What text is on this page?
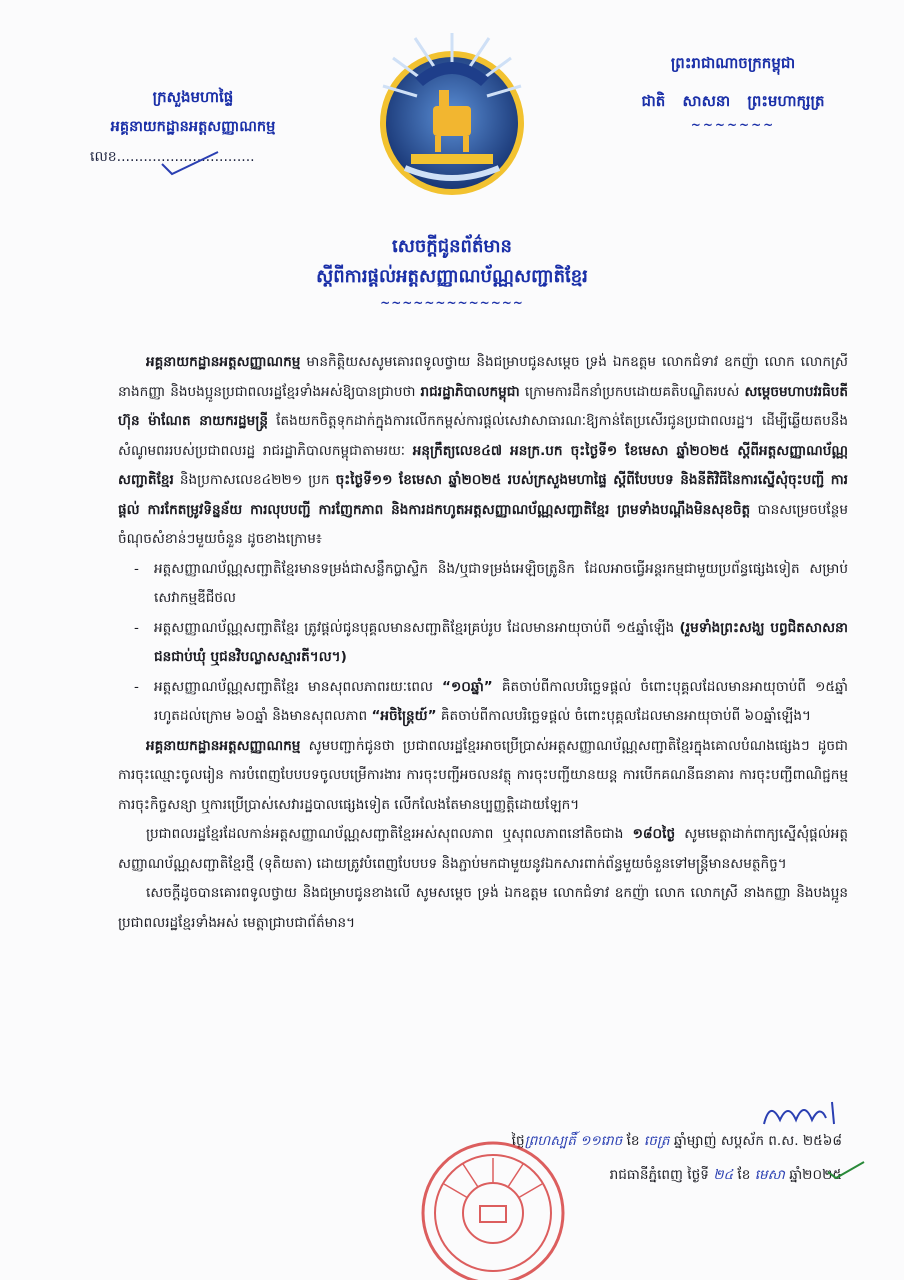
ក្រសួងមហាផ្ទៃ
អគ្គនាយកដ្ឋានអត្តសញ្ញាណកម្ម
លេខ...............................
ព្រះរាជាណាចក្រកម្ពុជា
ជាតិ សាសនា ព្រះមហាក្សត្រ
~~~~~~~
សេចក្ដីជូនព័ត៌មាន
ស្ដីពីការផ្ដល់អត្តសញ្ញាណប័ណ្ណសញ្ជាតិខ្មែរ
~~~~~~~~~~~~~

អគ្គនាយកដ្ឋានអត្តសញ្ញាណកម្ម មានកិត្តិយសសូមគោរពទូលថ្វាយ និងជម្រាបជូនសម្ដេច ទ្រង់ ឯកឧត្ដម លោកជំទាវ ឧកញ៉ា លោក លោកស្រី នាងកញ្ញា និងបងប្អូនប្រជាពលរដ្ឋខ្មែរទាំងអស់ឱ្យបានជ្រាបថា រាជរដ្ឋាភិបាលកម្ពុជា ក្រោមការដឹកនាំប្រកបដោយគតិបណ្ឌិតរបស់ សម្ដេចមហាបវរធិបតី ហ៊ុន ម៉ាណែត នាយករដ្ឋមន្ត្រី តែងយកចិត្តទុកដាក់ក្នុងការលើកកម្ពស់ការផ្ដល់សេវាសាធារណៈឱ្យកាន់តែប្រសើរជូនប្រជាពលរដ្ឋ។ ដើម្បីឆ្លើយតបនឹងសំណូមពររបស់ប្រជាពលរដ្ឋ រាជរដ្ឋាភិបាលកម្ពុជាតាមរយៈ អនុក្រឹត្យលេខ៤៧ អនក្រ.បក ចុះថ្ងៃទី១ ខែមេសា ឆ្នាំ២០២៥ ស្ដីពីអត្តសញ្ញាណប័ណ្ណសញ្ជាតិខ្មែរ និងប្រកាសលេខ៤២២១ ប្រក ចុះថ្ងៃទី១១ ខែមេសា ឆ្នាំ២០២៥ របស់ក្រសួងមហាផ្ទៃ ស្ដីពីបែបបទ និងនីតិវិធីនៃការស្នើសុំចុះបញ្ជី ការផ្ដល់ ការកែតម្រូវទិន្នន័យ ការលុបបញ្ជី ការញែកភាព និងការដកហូតអត្តសញ្ញាណប័ណ្ណសញ្ជាតិខ្មែរ ព្រមទាំងបណ្ដឹងមិនសុខចិត្ត បានសម្រេចបន្ថែមចំណុចសំខាន់ៗមួយចំនួន ដូចខាងក្រោម៖

- អត្តសញ្ញាណប័ណ្ណសញ្ជាតិខ្មែរមានទម្រង់ជាសន្លឹកប្លាស្ទិក និង/ឬជាទម្រង់អេឡិចត្រូនិក ដែលអាចធ្វើអន្តរកម្មជាមួយប្រព័ន្ធផ្សេងទៀត សម្រាប់សេវាកម្មឌីជីថល
- អត្តសញ្ញាណប័ណ្ណសញ្ជាតិខ្មែរ ត្រូវផ្ដល់ជូនបុគ្គលមានសញ្ជាតិខ្មែរគ្រប់រូប ដែលមានអាយុចាប់ពី ១៥ឆ្នាំឡើង (រួមទាំងព្រះសង្ឃ បព្វជិតសាសនា ជនជាប់ឃុំ ឬជនវិបល្លាសស្មារតី។ល។)
- អត្តសញ្ញាណប័ណ្ណសញ្ជាតិខ្មែរ មានសុពលភាពរយៈពេល “១០ឆ្នាំ” គិតចាប់ពីកាលបរិច្ឆេទផ្ដល់ ចំពោះបុគ្គលដែលមានអាយុចាប់ពី ១៥ឆ្នាំ រហូតដល់ក្រោម ៦០ឆ្នាំ និងមានសុពលភាព “អចិន្ត្រៃយ៍” គិតចាប់ពីកាលបរិច្ឆេទផ្ដល់ ចំពោះបុគ្គលដែលមានអាយុចាប់ពី ៦០ឆ្នាំឡើង។

អគ្គនាយកដ្ឋានអត្តសញ្ញាណកម្ម សូមបញ្ជាក់ជូនថា ប្រជាពលរដ្ឋខ្មែរអាចប្រើប្រាស់អត្តសញ្ញាណប័ណ្ណសញ្ជាតិខ្មែរក្នុងគោលបំណងផ្សេងៗ ដូចជា ការចុះឈ្មោះចូលរៀន ការបំពេញបែបបទចូលបម្រើការងារ ការចុះបញ្ជីអចលនវត្ថុ ការចុះបញ្ជីយានយន្ត ការបើកគណនីធនាគារ ការចុះបញ្ជីពាណិជ្ជកម្ម ការចុះកិច្ចសន្យា ឬការប្រើប្រាស់សេវារដ្ឋបាលផ្សេងទៀត លើកលែងតែមានប្បញ្ញត្តិដោយឡែក។

ប្រជាពលរដ្ឋខ្មែរដែលកាន់អត្តសញ្ញាណប័ណ្ណសញ្ជាតិខ្មែរអស់សុពលភាព ឬសុពលភាពនៅតិចជាង ១៨០ថ្ងៃ សូមមេត្តាដាក់ពាក្យស្នើសុំផ្ដល់អត្តសញ្ញាណប័ណ្ណសញ្ជាតិខ្មែរថ្មី (ទុតិយតា) ដោយត្រូវបំពេញបែបបទ និងភ្ជាប់មកជាមួយនូវឯកសារពាក់ព័ន្ធមួយចំនួនទៅមន្ត្រីមានសមត្ថកិច្ច។

សេចក្ដីដូចបានគោរពទូលថ្វាយ និងជម្រាបជូនខាងលើ សូមសម្ដេច ទ្រង់ ឯកឧត្ដម លោកជំទាវ ឧកញ៉ា លោក លោកស្រី នាងកញ្ញា និងបងប្អូនប្រជាពលរដ្ឋខ្មែរទាំងអស់ មេត្តាជ្រាបជាព័ត៌មាន។

ថ្ងៃព្រហស្បតិ៍ ១១រោច ខែ ចេត្រ ឆ្នាំម្សាញ់ សប្តស័ក ព.ស. ២៥៦៨
រាជធានីភ្នំពេញ ថ្ងៃទី ២៤ ខែ មេសា ឆ្នាំ២០២៥
